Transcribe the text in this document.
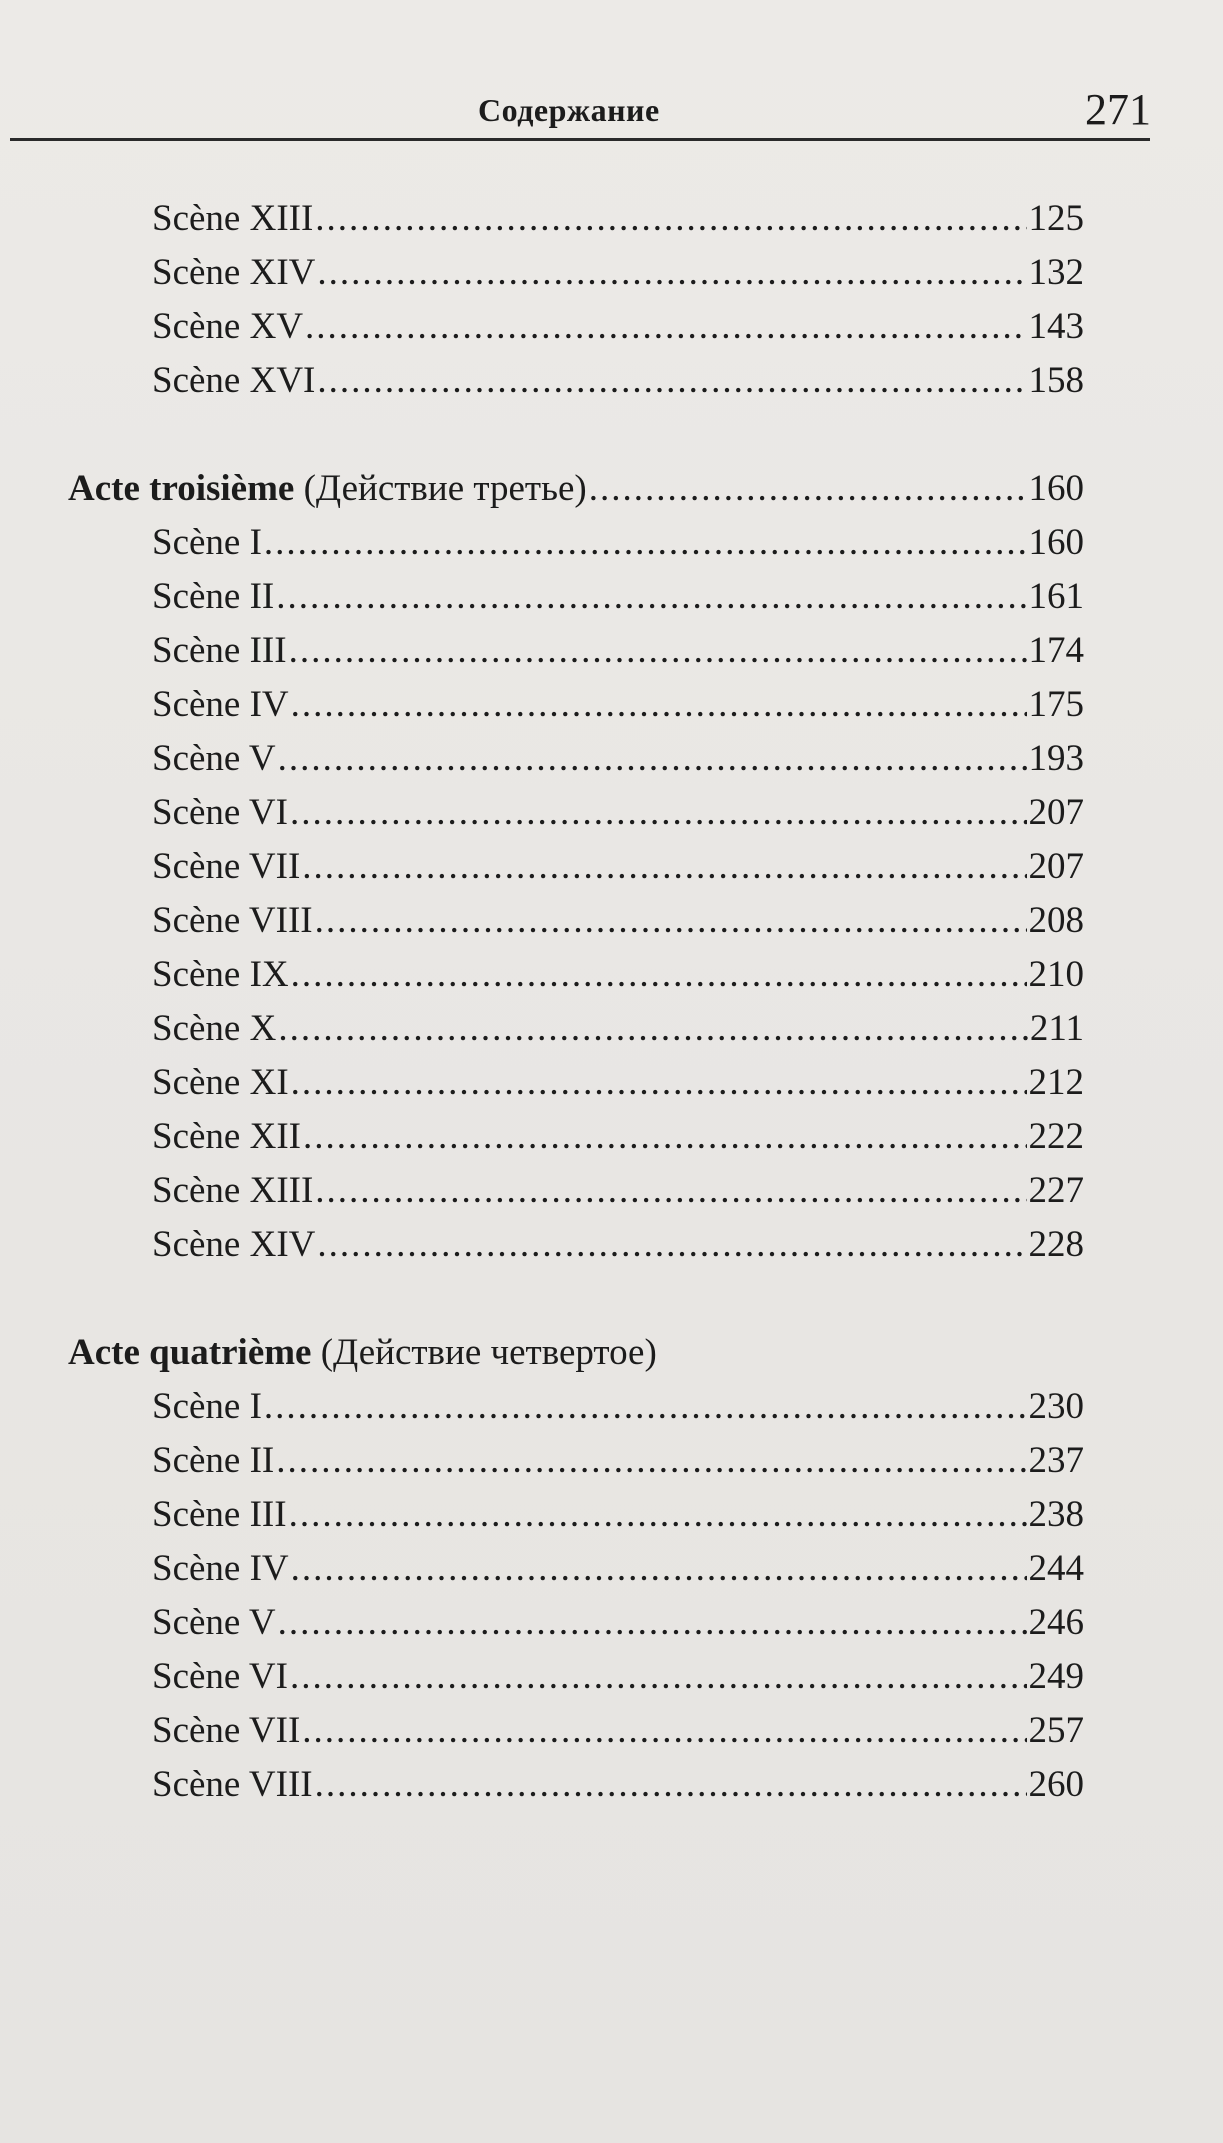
Содержание	271
Scène XIII .....	125
Scène XIV .....	132
Scène XV .....	143
Scène XVI .....	158
Acte troisième (Действие третье) .....	160
Scène I .....	160
Scène II .....	161
Scène III .....	174
Scène IV .....	175
Scène V .....	193
Scène VI .....	207
Scène VII .....	207
Scène VIII .....	208
Scène IX .....	210
Scène X .....	211
Scène XI .....	212
Scène XII .....	222
Scène XIII .....	227
Scène XIV .....	228
Acte quatrième (Действие четвертое)
Scène I .....	230
Scène II .....	237
Scène III .....	238
Scène IV .....	244
Scène V .....	246
Scène VI .....	249
Scène VII .....	257
Scène VIII .....	260
